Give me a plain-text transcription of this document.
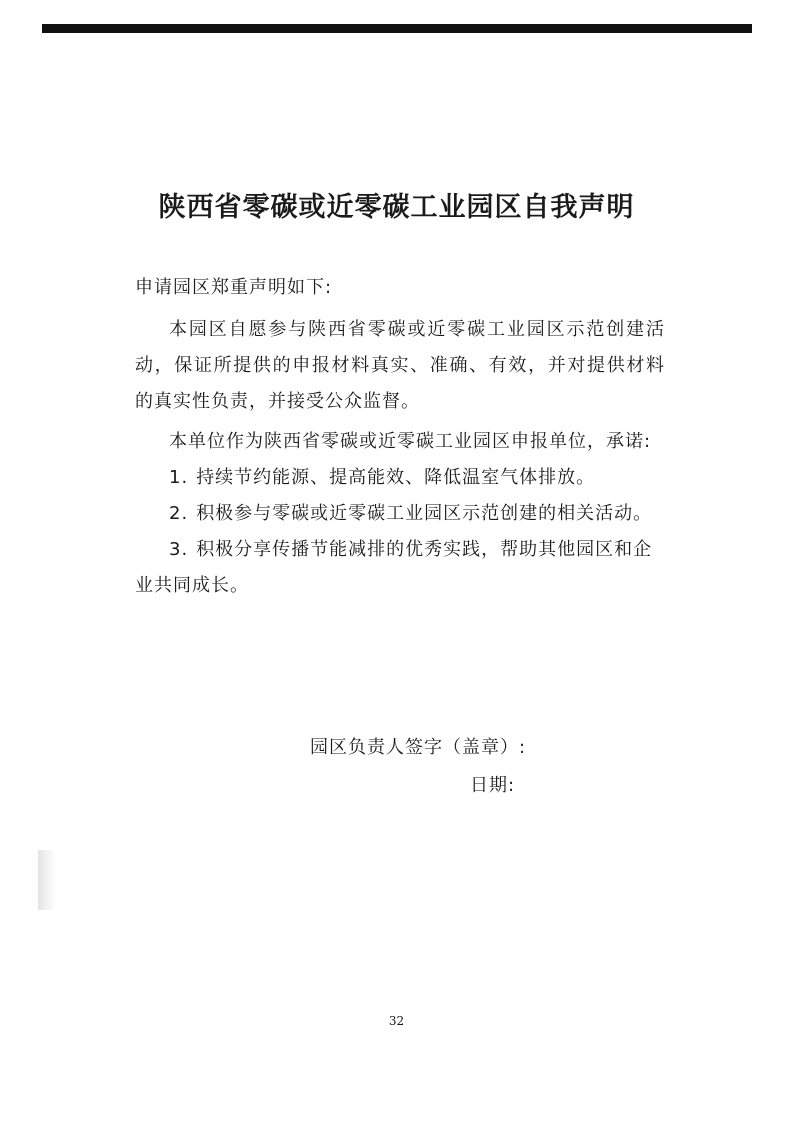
陕西省零碳或近零碳工业园区自我声明

申请园区郑重声明如下:

本园区自愿参与陕西省零碳或近零碳工业园区示范创建活动，保证所提供的申报材料真实、准确、有效，并对提供材料的真实性负责，并接受公众监督。

本单位作为陕西省零碳或近零碳工业园区申报单位，承诺:

1. 持续节约能源、提高能效、降低温室气体排放。
2. 积极参与零碳或近零碳工业园区示范创建的相关活动。
3. 积极分享传播节能减排的优秀实践，帮助其他园区和企业共同成长。
园区负责人签字（盖章）:
日期:
32
